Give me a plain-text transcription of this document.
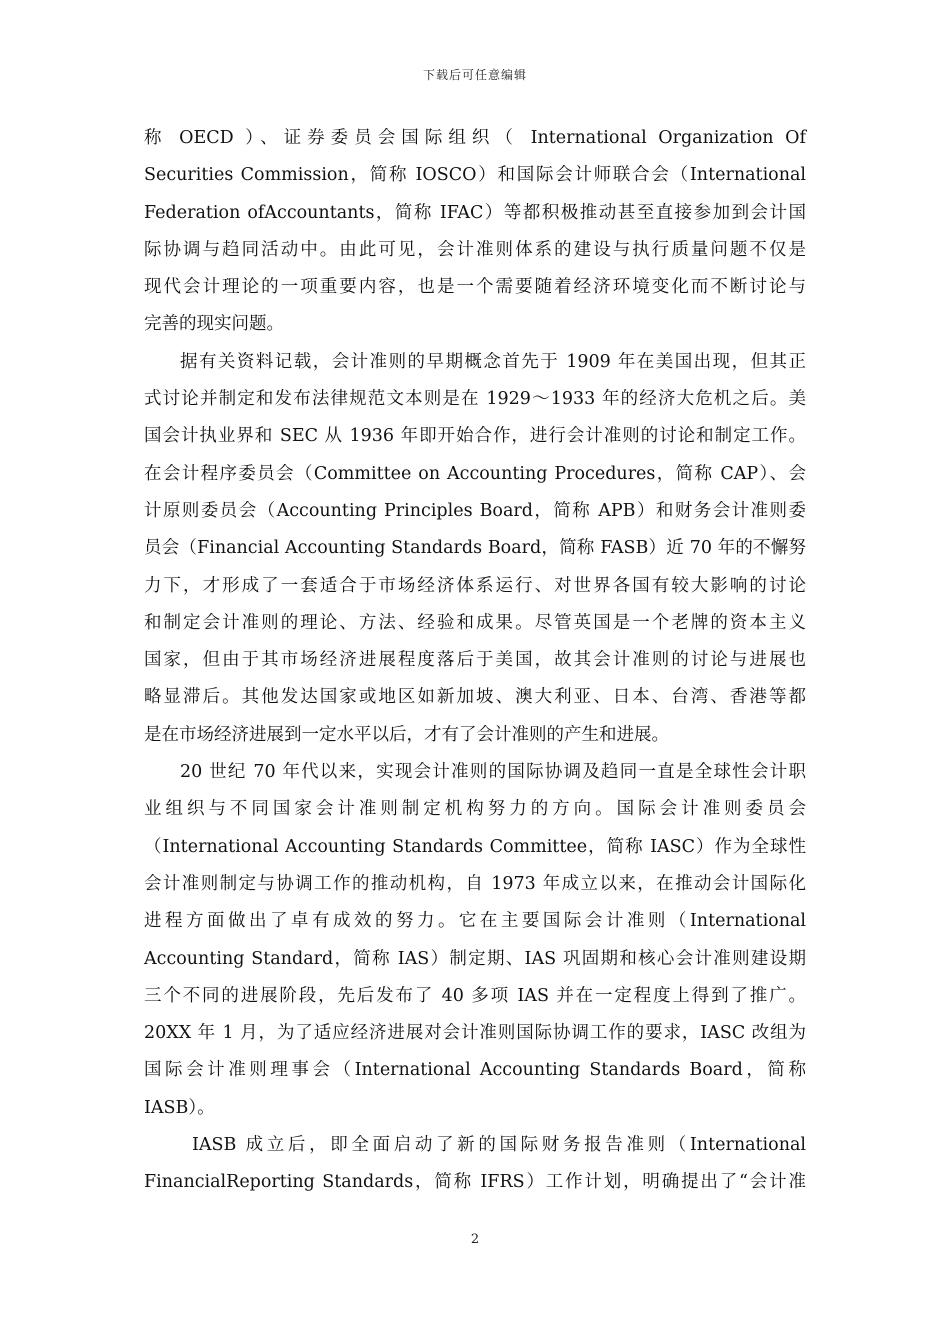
下载后可任意编辑
称 OECD ）、证券委员会国际组织（ International Organization Of
Securities Commission，简称 IOSCO）和国际会计师联合会（International
Federation ofAccountants，简称 IFAC）等都积极推动甚至直接参加到会计国
际协调与趋同活动中。由此可见，会计准则体系的建设与执行质量问题不仅是
现代会计理论的一项重要内容，也是一个需要随着经济环境变化而不断讨论与
完善的现实问题。
据有关资料记载，会计准则的早期概念首先于 1909 年在美国出现，但其正
式讨论并制定和发布法律规范文本则是在 1929～1933 年的经济大危机之后。美
国会计执业界和 SEC 从 1936 年即开始合作，进行会计准则的讨论和制定工作。
在会计程序委员会（Committee on Accounting Procedures，简称 CAP）、会
计原则委员会（Accounting Principles Board，简称 APB）和财务会计准则委
员会（Financial Accounting Standards Board，简称 FASB）近 70 年的不懈努
力下，才形成了一套适合于市场经济体系运行、对世界各国有较大影响的讨论
和制定会计准则的理论、方法、经验和成果。尽管英国是一个老牌的资本主义
国家，但由于其市场经济进展程度落后于美国，故其会计准则的讨论与进展也
略显滞后。其他发达国家或地区如新加坡、澳大利亚、日本、台湾、香港等都
是在市场经济进展到一定水平以后，才有了会计准则的产生和进展。
20 世纪 70 年代以来，实现会计准则的国际协调及趋同一直是全球性会计职
业组织与不同国家会计准则制定机构努力的方向。国际会计准则委员会
（International Accounting Standards Committee，简称 IASC）作为全球性
会计准则制定与协调工作的推动机构，自 1973 年成立以来，在推动会计国际化
进程方面做出了卓有成效的努力。它在主要国际会计准则（International
Accounting Standard，简称 IAS）制定期、IAS 巩固期和核心会计准则建设期
三个不同的进展阶段，先后发布了 40 多项 IAS 并在一定程度上得到了推广。
20XX 年 1 月，为了适应经济进展对会计准则国际协调工作的要求，IASC 改组为
国际会计准则理事会（International Accounting Standards Board，简称
IASB）。
IASB 成立后，即全面启动了新的国际财务报告准则（International
FinancialReporting Standards，简称 IFRS）工作计划，明确提出了“会计准
2
